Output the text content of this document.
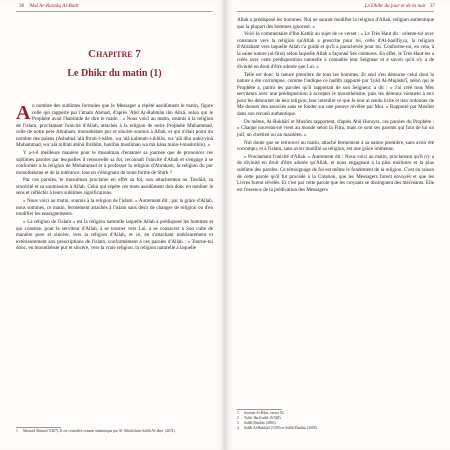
36 'Abd Ar-Razzâq Al-Badr
Chapitre 7
Le Dhikr du matin (1)

Au nombre des sublimes formules que le Messager a répété assidûment le matin, figure celle qui rapporte par l'imam Ahmad, d'après 'Abd Ar-Rahmân ibn Abzâ, selon qui le Prophète avait l'habitude de dire le matin : « Nous voici au matin, soumis à la religion de l'islam, proclamant l'unicité d'Allah, attachés à la religion de notre Prophète Muhammad, celle de notre père Abraham, monothéiste pur et sincère soumis à Allah, et qui n'était point du nombre des païens (Asbahnâ 'alâ fitrati-l-islâm, wa 'alâ kalimati-l-ikhlâs, wa 'alâ dîni nabiyyinâ Muhammad, wa 'alâ millati abînâ Ibrâhîm, hanîfan musliman wa mâ kâna mina-l-mushrikîn). »

Y a-t-il meilleure manière pour le musulman d'entamer sa journée que de prononcer ces sublimes paroles par lesquelles il renouvelle sa foi, reconnaît l'unicité d'Allah et s'engage à se conformer à la religion de Muhammad et à professer la religion d'Abraham, la religion du pur monothéisme et de la tolérance, tout en s'éloignant de toute forme de Shirk ?

Par ces paroles, le musulman proclame en effet sa foi, son attachement au Tawhîd, sa sincérité et sa soumission à Allah. Celui qui répète ces mots assidûment doit donc en méditer le sens et réfléchir à leurs sublimes significations.

« Nous voici au matin, soumis à la religion de l'islam. » Autrement dit : par la grâce d'Allah, nous sommes, ce matin, fermement attachés à l'islam sans désir de changer de religion ou d'en modifier les enseignements.

« La religion de l'islam » est la religion naturelle laquelle Allah a prédisposé les hommes et qui consiste, pour le serviteur d'Allah, à se tourner vers Lui, à se consacrer à Son culte de manière pure et sincère, vers la religion d'Allah, et ce, en s'attachant intérieurement et extérieurement aux prescriptions de l'islam, conformément à ces paroles d'Allah : « Tourne-toi donc, en monothéiste pur et sincère, vers la vraie religion, la religion naturelle à laquelle

1 Musnad Ahmad (3/407). Il est considéré comme authentique par Al-Albânî dans Sahîh Al-Jâmi' (4674).
Le Dhikr du jour et de la nuit 37

Allah a prédisposé les hommes. Nul ne saurait modifier la religion d'Allah, religion authentique que la plupart des hommes ignorent. »

Voici le commentaire d'Ibn Kathîr au sujet de ce verset : « Le Très Haut dit : oriente-toi avec constance vers la religion qu'Allah a prescrite pour toi, celle d'Al-hanîfiyya, la religion d'Abraham vers laquelle Allah t'a guidé et qu'il a parachevée pour toi. Conforme-toi, en cela, à la saine nature (al-fitra) selon laquelle Allah a façonné Ses créatures. En effet, le Très Haut les a créés avec cette prédisposition naturelle à connaître leur Seigneur et à savoir qu'il n'y a de divinité en droit d'être adorée que Lui. »

Telle est donc la nature première de tous les hommes. Et seul s'en détourne celui dont la nature a été corrompue, comme l'indique ce hadîth rapporté par 'Iyâd Al-Mujâshi'î, selon qui le Prophète a, parmi les paroles qu'il rapportait de son Seigneur, a dit : « J'ai créé tous Mes serviteurs avec une prédisposition à accepter le monothéisme, puis les démons viennent à eux pour les détourner de leur religion, leur interdire ce que Je leur ai rendu licite et leur ordonner de Me donner des associés sans se fonder sur une preuve révélée par Moi. » Rapporté par Muslim dans son recueil authentique.

De même, Al-Bukhârî et Muslim rapportent, d'après Abû Hurayra, ces paroles du Prophète : « Chaque nouveau-né vient au monde selon la Fitra, mais ce sont ses parents qui font de lui un juif, un chrétien ou un mazdéen. »

Nul doute que se retrouver au matin, attaché fermement à sa nature première, sans avoir été corrompu, et à l'islam, sans avoir modifié sa religion, est une grâce immense.

« Proclamant l'unicité d'Allah. » Autrement dit : Nous voici au matin, proclamant qu'il n'y a de divinité en droit d'être adorée qu'Allah, et nous engageant à la plus méritoire et la plus sublime des paroles. Ce témoignage de foi est même le fondement de la religion. C'est en raison de cette parole qu'il fut procédé à la Création, que les Messagers furent envoyés et que les Livres furent révélés. Et c'est par cette parole que les croyants se distinguent des mécréants. Elle est l'essence de la prédication des Messagers

1 Sourate Ar-Rûm, verset 30.
2 Tafsîr Ibn Kathîr (6/328).
3 Sahîh Muslim (2865).
4 Sahîh Al-Bukhârî (1359) et Sahîh Muslim (2658).
